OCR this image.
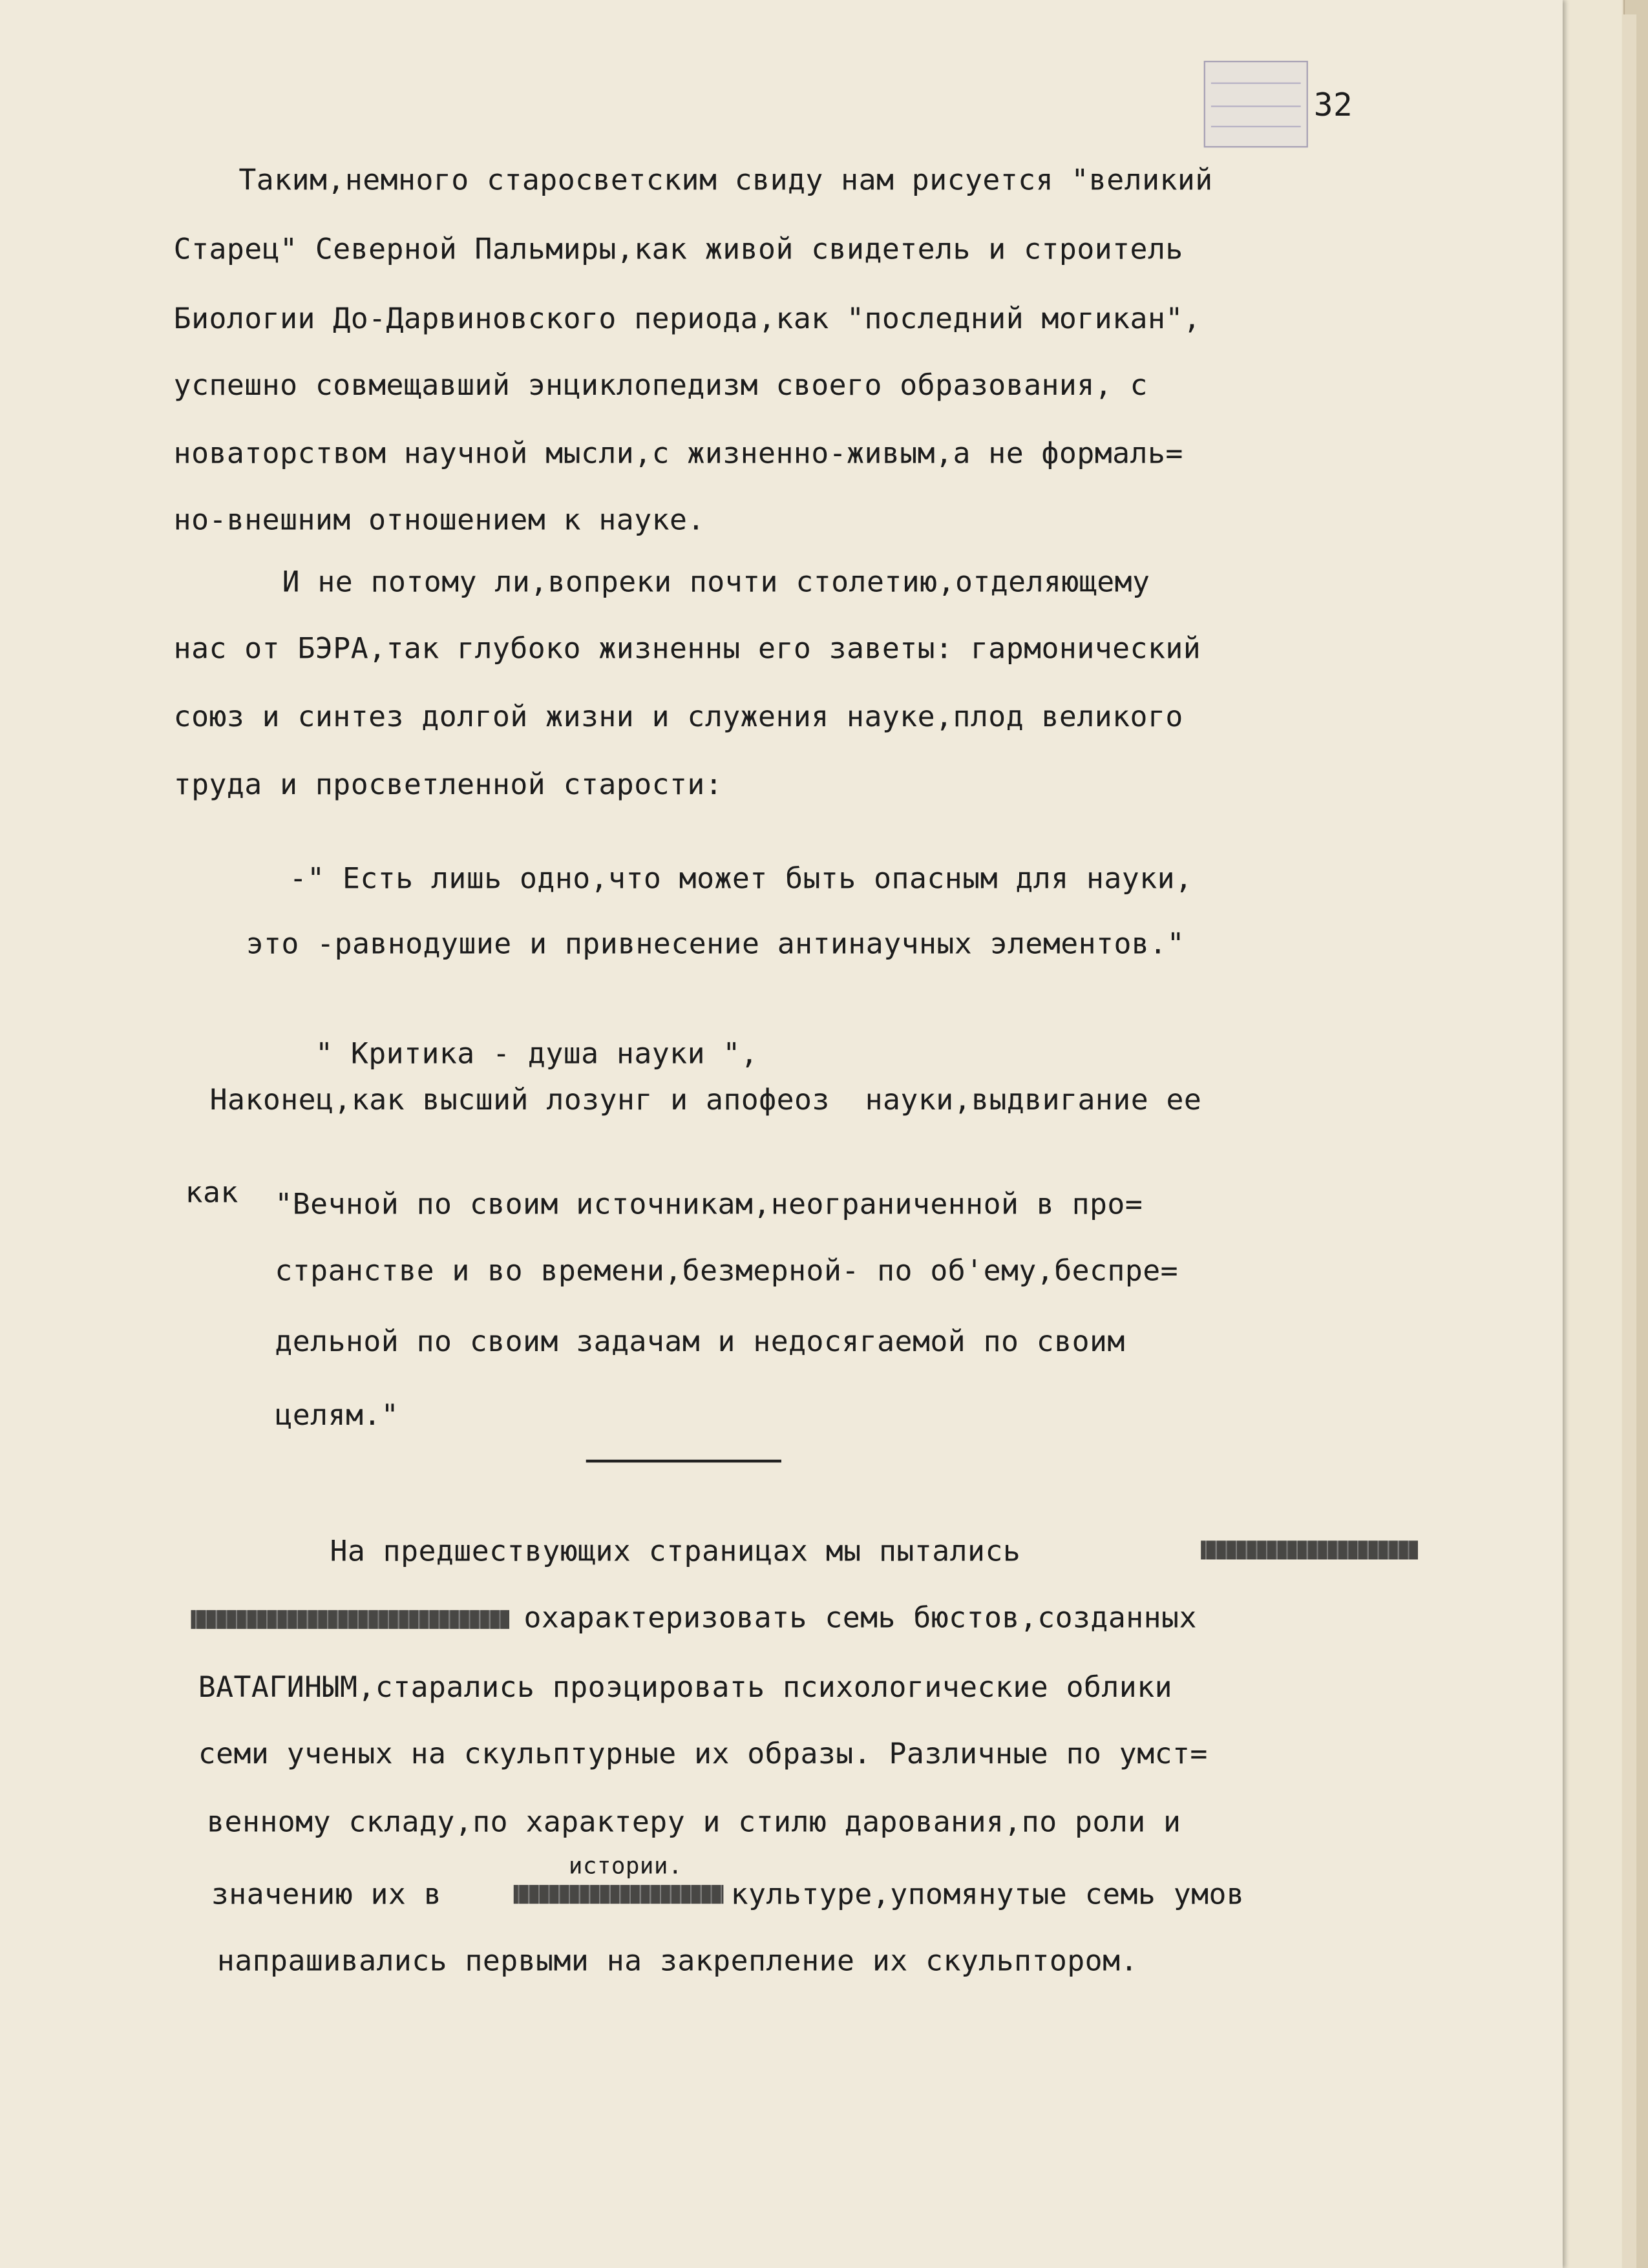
32
Таким,немного старосветским свиду нам рисуется "великий
Старец" Северной Пальмиры,как живой свидетель и строитель
Биологии До-Дарвиновского периода,как "последний могикан",
успешно совмещавший энциклопедизм своего образования, с
новаторством научной мысли,с жизненно-живым,а не формаль=
но-внешним отношением к науке.
И не потому ли,вопреки почти столетию,отделяющему
нас от БЭРА,так глубоко жизненны его заветы: гармонический
союз и синтез долгой жизни и служения науке,плод великого
труда и просветленной старости:
-" Есть лишь одно,что может быть опасным для науки,
это -равнодушие и привнесение антинаучных элементов."
" Критика - душа науки ",
Наконец,как высший лозунг и апофеоз  науки,выдвигание ее
как	"Вечной по своим источникам,неограниченной в про=
странстве и во времени,безмерной- по об'ему,беспре=
дельной по своим задачам и недосягаемой по своим
целям."
На предшествующих страницах мы пытались
охарактеризовать семь бюстов,созданных
ВАТАГИНЫМ,старались проэцировать психологические облики
семи ученых на скульптурные их образы. Различные по умст=
венному складу,по характеру и стилю дарования,по роли и
истории.
значению их в	культуре,упомянутые семь умов
напрашивались первыми на закрепление их скульптором.
